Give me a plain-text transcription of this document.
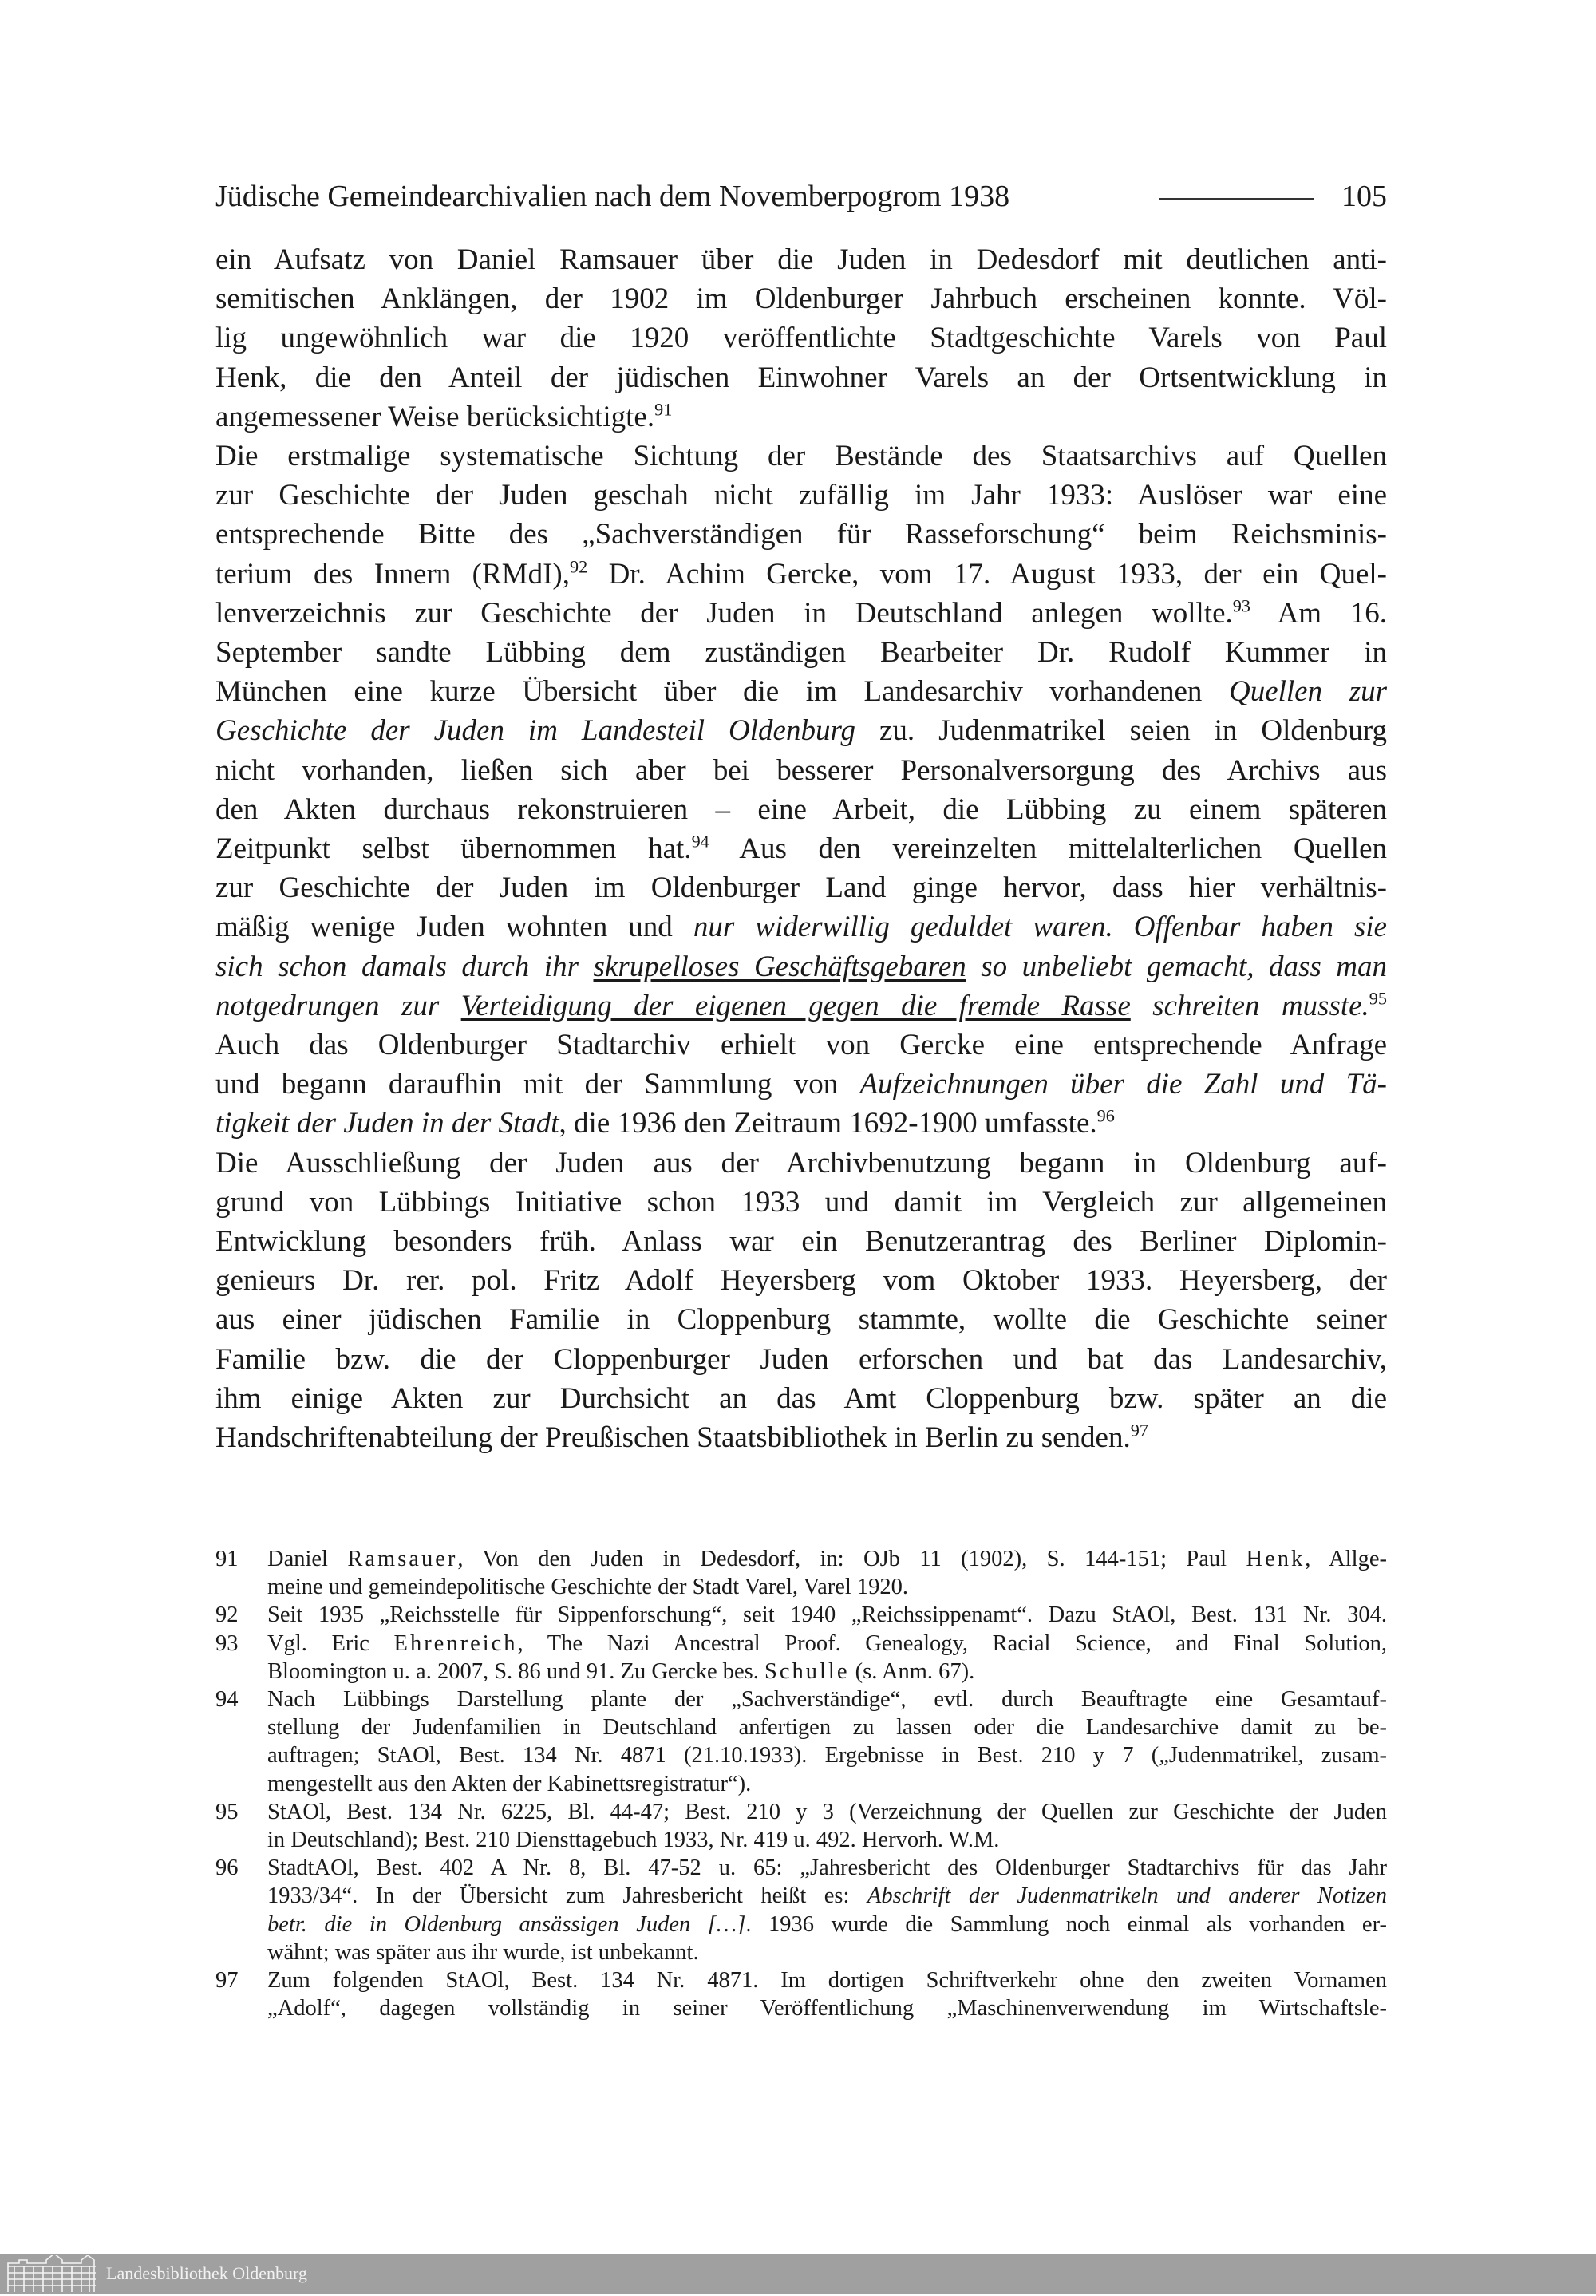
Jüdische Gemeindearchivalien nach dem Novemberpogrom 1938	105
ein Aufsatz von Daniel Ramsauer über die Juden in Dedesdorf mit deutlichen anti-
semitischen Anklängen, der 1902 im Oldenburger Jahrbuch erscheinen konnte. Völ-
lig ungewöhnlich war die 1920 veröffentlichte Stadtgeschichte Varels von Paul
Henk, die den Anteil der jüdischen Einwohner Varels an der Ortsentwicklung in
angemessener Weise berücksichtigte.$^{91}$
Die erstmalige systematische Sichtung der Bestände des Staatsarchivs auf Quellen
zur Geschichte der Juden geschah nicht zufällig im Jahr 1933: Auslöser war eine
entsprechende Bitte des „Sachverständigen für Rasseforschung“ beim Reichsminis-
terium des Innern (RMdI),$^{92}$ Dr. Achim Gercke, vom 17. August 1933, der ein Quel-
lenverzeichnis zur Geschichte der Juden in Deutschland anlegen wollte.$^{93}$ Am 16.
September sandte Lübbing dem zuständigen Bearbeiter Dr. Rudolf Kummer in
München eine kurze Übersicht über die im Landesarchiv vorhandenen Quellen zur
Geschichte der Juden im Landesteil Oldenburg zu. Judenmatrikel seien in Oldenburg
nicht vorhanden, ließen sich aber bei besserer Personalversorgung des Archivs aus
den Akten durchaus rekonstruieren – eine Arbeit, die Lübbing zu einem späteren
Zeitpunkt selbst übernommen hat.$^{94}$ Aus den vereinzelten mittelalterlichen Quellen
zur Geschichte der Juden im Oldenburger Land ginge hervor, dass hier verhältnis-
mäßig wenige Juden wohnten und nur widerwillig geduldet waren. Offenbar haben sie
sich schon damals durch ihr skrupelloses Geschäftsgebaren so unbeliebt gemacht, dass man
notgedrungen zur Verteidigung der eigenen gegen die fremde Rasse schreiten musste.$^{95}$
Auch das Oldenburger Stadtarchiv erhielt von Gercke eine entsprechende Anfrage
und begann daraufhin mit der Sammlung von Aufzeichnungen über die Zahl und Tä-
tigkeit der Juden in der Stadt, die 1936 den Zeitraum 1692-1900 umfasste.$^{96}$
Die Ausschließung der Juden aus der Archivbenutzung begann in Oldenburg auf-
grund von Lübbings Initiative schon 1933 und damit im Vergleich zur allgemeinen
Entwicklung besonders früh. Anlass war ein Benutzerantrag des Berliner Diplomin-
genieurs Dr. rer. pol. Fritz Adolf Heyersberg vom Oktober 1933. Heyersberg, der
aus einer jüdischen Familie in Cloppenburg stammte, wollte die Geschichte seiner
Familie bzw. die der Cloppenburger Juden erforschen und bat das Landesarchiv,
ihm einige Akten zur Durchsicht an das Amt Cloppenburg bzw. später an die
Handschriftenabteilung der Preußischen Staatsbibliothek in Berlin zu senden.$^{97}$
91 Daniel Ramsauer, Von den Juden in Dedesdorf, in: OJb 11 (1902), S. 144-151; Paul Henk, Allge-
meine und gemeindepolitische Geschichte der Stadt Varel, Varel 1920.
92 Seit 1935 „Reichsstelle für Sippenforschung“, seit 1940 „Reichssippenamt“. Dazu StAOl, Best. 131 Nr. 304.
93 Vgl. Eric Ehrenreich, The Nazi Ancestral Proof. Genealogy, Racial Science, and Final Solution,
Bloomington u. a. 2007, S. 86 und 91. Zu Gercke bes. Schulle (s. Anm. 67).
94 Nach Lübbings Darstellung plante der „Sachverständige“, evtl. durch Beauftragte eine Gesamtauf-
stellung der Judenfamilien in Deutschland anfertigen zu lassen oder die Landesarchive damit zu be-
auftragen; StAOl, Best. 134 Nr. 4871 (21.10.1933). Ergebnisse in Best. 210 y 7 („Judenmatrikel, zusam-
mengestellt aus den Akten der Kabinettsregistratur“).
95 StAOl, Best. 134 Nr. 6225, Bl. 44-47; Best. 210 y 3 (Verzeichnung der Quellen zur Geschichte der Juden
in Deutschland); Best. 210 Diensttagebuch 1933, Nr. 419 u. 492. Hervorh. W.M.
96 StadtAOl, Best. 402 A Nr. 8, Bl. 47-52 u. 65: „Jahresbericht des Oldenburger Stadtarchivs für das Jahr
1933/34“. In der Übersicht zum Jahresbericht heißt es: Abschrift der Judenmatrikeln und anderer Notizen
betr. die in Oldenburg ansässigen Juden […]. 1936 wurde die Sammlung noch einmal als vorhanden er-
wähnt; was später aus ihr wurde, ist unbekannt.
97 Zum folgenden StAOl, Best. 134 Nr. 4871. Im dortigen Schriftverkehr ohne den zweiten Vornamen
„Adolf“, dagegen vollständig in seiner Veröffentlichung „Maschinenverwendung im Wirtschaftsle-
Landesbibliothek Oldenburg
